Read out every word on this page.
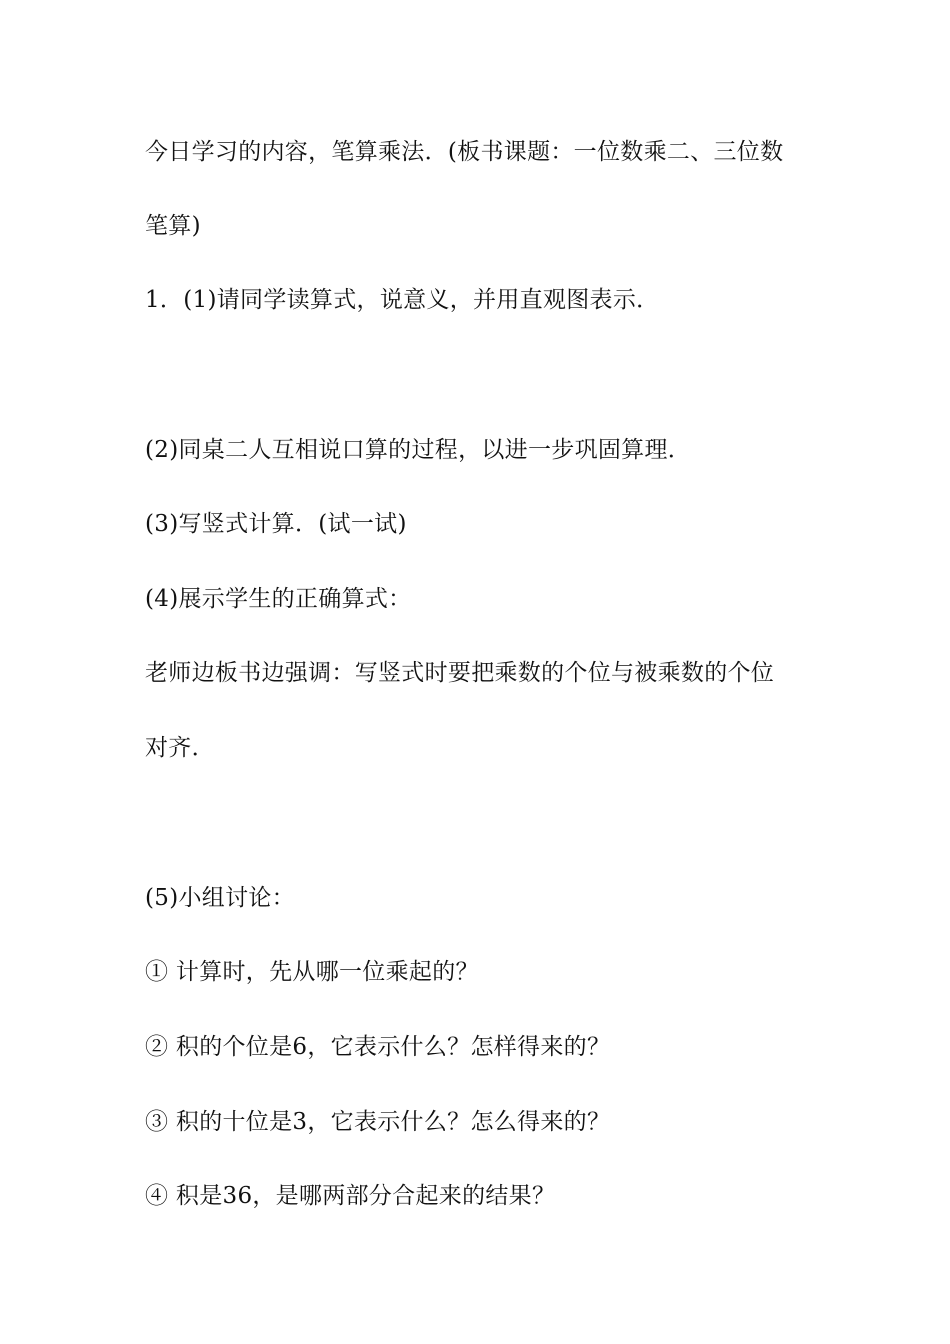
今日学习的内容，笔算乘法．(板书课题：一位数乘二、三位数
笔算)
1．(1)请同学读算式，说意义，并用直观图表示．
(2)同桌二人互相说口算的过程，以进一步巩固算理．
(3)写竖式计算．(试一试)
(4)展示学生的正确算式：
老师边板书边强调：写竖式时要把乘数的个位与被乘数的个位
对齐．
(5)小组讨论：
① 计算时，先从哪一位乘起的？
② 积的个位是6，它表示什么？怎样得来的？
③ 积的十位是3，它表示什么？怎么得来的？
④ 积是36，是哪两部分合起来的结果？
